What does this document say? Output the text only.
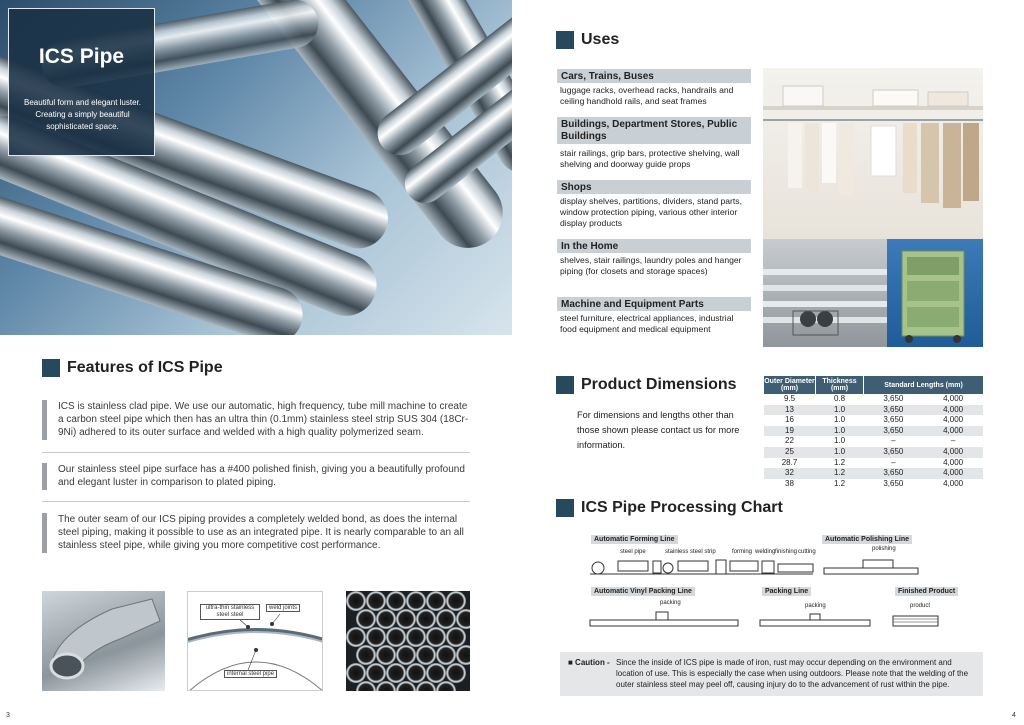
ICS Pipe
Beautiful form and elegant luster. Creating a simply beautiful sophisticated space.
Features of ICS Pipe
ICS is stainless clad pipe. We use our automatic, high frequency, tube mill machine to create a carbon steel pipe which then has an ultra thin (0.1mm) stainless steel strip SUS 304 (18Cr-9Ni) adhered to its outer surface and welded with a high quality polymerized seam.
Our stainless steel pipe surface has a #400 polished finish, giving you a beautifully profound and elegant luster in comparison to plated piping.
The outer seam of our ICS piping provides a completely welded bond, as does the internal steel piping, making it possible to use as an integrated pipe. It is nearly comparable to an all stainless steel pipe, while giving you more competitive cost performance.
ultra-thin stainless steel steel
weld joints
internal steel pipe
3
Uses
Cars, Trains, Buses
luggage racks, overhead racks, handrails and ceiling handhold rails, and seat frames
Buildings, Department Stores, Public Buildings
stair railings, grip bars, protective shelving, wall shelving and doorway guide props
Shops
display shelves, partitions, dividers, stand parts, window protection piping, various other interior display products
In the Home
shelves, stair railings, laundry poles and hanger piping (for closets and storage spaces)
Machine and Equipment Parts
steel furniture, electrical appliances, industrial food equipment and medical equipment
Product Dimensions
For dimensions and lengths other than those shown please contact us for more information.
Outer Diameter (mm)	Thickness (mm)	Standard Lengths (mm)	
9.5	0.8	3,650	4,000
13	1.0	3,650	4,000
16	1.0	3,650	4,000
19	1.0	3,650	4,000
22	1.0	–	–
25	1.0	3,650	4,000
28.7	1.2	–	4,000
32	1.2	3,650	4,000
38	1.2	3,650	4,000
ICS Pipe Processing Chart
Automatic Forming Line	Automatic Polishing Line
steel pipe	stainless steel strip	forming welding finishing cutting	polishing
Automatic Vinyl Packing Line	Packing Line	Finished Product
packing	packing	product
■ Caution - Since the inside of ICS pipe is made of iron, rust may occur depending on the environment and location of use. This is especially the case when using outdoors. Please note that the welding of the outer stainless steel may peel off, causing injury do to the advancement of rust within the pipe.
4
